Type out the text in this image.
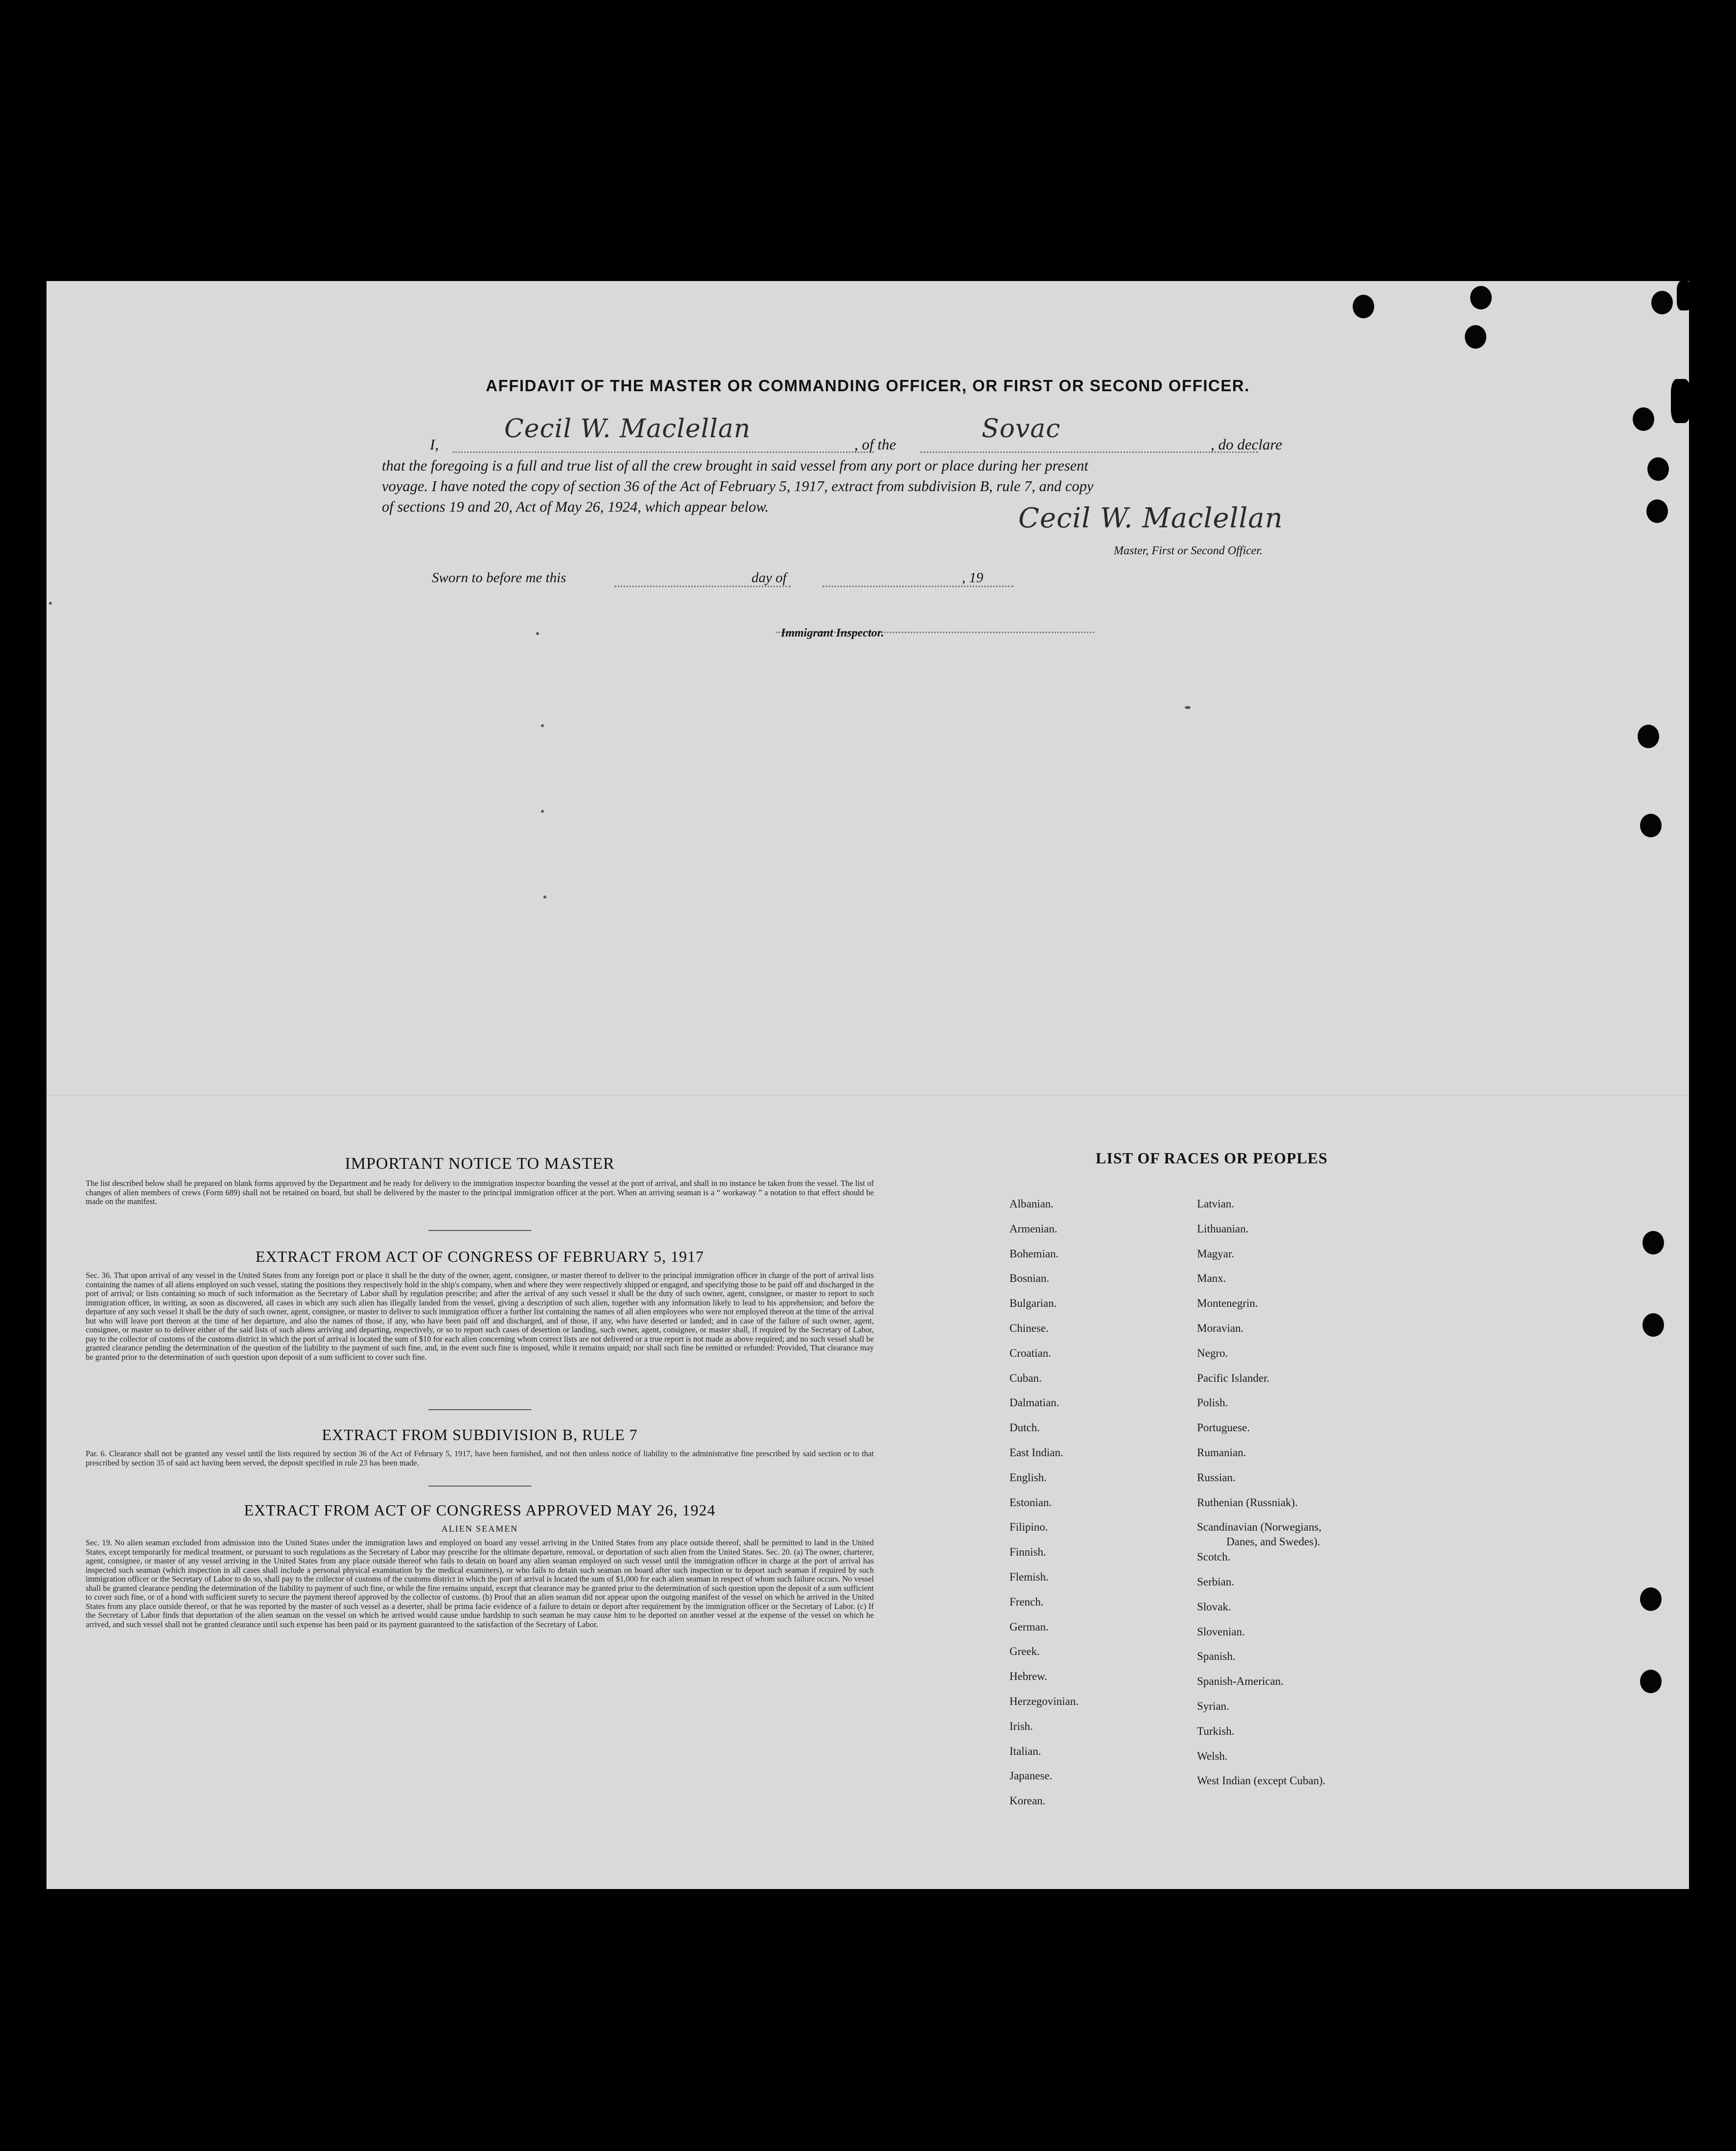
AFFIDAVIT OF THE MASTER OR COMMANDING OFFICER, OR FIRST OR SECOND OFFICER.
I,
Cecil W. Maclellan
, of the
Sovac
, do declare
that the foregoing is a full and true list of all the crew brought in said vessel from any port or place during her present
voyage. I have noted the copy of section 36 of the Act of February 5, 1917, extract from subdivision B, rule 7, and copy
of sections 19 and 20, Act of May 26, 1924, which appear below.	Cecil W. Maclellan
Master, First or Second Officer.
Sworn to before me this	day of	, 19
Immigrant Inspector.
IMPORTANT NOTICE TO MASTER
The list described below shall be prepared on blank forms approved by the Department and be ready for delivery to the immigration inspector boarding the vessel at the port of arrival, and shall in no instance be taken from the vessel. The list of changes of alien members of crews (Form 689) shall not be retained on board, but shall be delivered by the master to the principal immigration officer at the port. When an arriving seaman is a “ workaway ” a notation to that effect should be made on the manifest.
EXTRACT FROM ACT OF CONGRESS OF FEBRUARY 5, 1917
Sec. 36. That upon arrival of any vessel in the United States from any foreign port or place it shall be the duty of the owner, agent, consignee, or master thereof to deliver to the principal immigration officer in charge of the port of arrival lists containing the names of all aliens employed on such vessel, stating the positions they respectively hold in the ship's company, when and where they were respectively shipped or engaged, and specifying those to be paid off and discharged in the port of arrival; or lists containing so much of such information as the Secretary of Labor shall by regulation prescribe; and after the arrival of any such vessel it shall be the duty of such owner, agent, consignee, or master to report to such immigration officer, in writing, as soon as discovered, all cases in which any such alien has illegally landed from the vessel, giving a description of such alien, together with any information likely to lead to his apprehension; and before the departure of any such vessel it shall be the duty of such owner, agent, consignee, or master to deliver to such immigration officer a further list containing the names of all alien employees who were not employed thereon at the time of the arrival but who will leave port thereon at the time of her departure, and also the names of those, if any, who have been paid off and discharged, and of those, if any, who have deserted or landed; and in case of the failure of such owner, agent, consignee, or master so to deliver either of the said lists of such aliens arriving and departing, respectively, or so to report such cases of desertion or landing, such owner, agent, consignee, or master shall, if required by the Secretary of Labor, pay to the collector of customs of the customs district in which the port of arrival is located the sum of $10 for each alien concerning whom correct lists are not delivered or a true report is not made as above required; and no such vessel shall be granted clearance pending the determination of the question of the liability to the payment of such fine, and, in the event such fine is imposed, while it remains unpaid; nor shall such fine be remitted or refunded: Provided, That clearance may be granted prior to the determination of such question upon deposit of a sum sufficient to cover such fine.
EXTRACT FROM SUBDIVISION B, RULE 7
Par. 6. Clearance shall not be granted any vessel until the lists required by section 36 of the Act of February 5, 1917, have been furnished, and not then unless notice of liability to the administrative fine prescribed by said section or to that prescribed by section 35 of said act having been served, the deposit specified in rule 23 has been made.
EXTRACT FROM ACT OF CONGRESS APPROVED MAY 26, 1924
ALIEN SEAMEN
Sec. 19. No alien seaman excluded from admission into the United States under the immigration laws and employed on board any vessel arriving in the United States from any place outside thereof, shall be permitted to land in the United States, except temporarily for medical treatment, or pursuant to such regulations as the Secretary of Labor may prescribe for the ultimate departure, removal, or deportation of such alien from the United States. Sec. 20. (a) The owner, charterer, agent, consignee, or master of any vessel arriving in the United States from any place outside thereof who fails to detain on board any alien seaman employed on such vessel until the immigration officer in charge at the port of arrival has inspected such seaman (which inspection in all cases shall include a personal physical examination by the medical examiners), or who fails to detain such seaman on board after such inspection or to deport such seaman if required by such immigration officer or the Secretary of Labor to do so, shall pay to the collector of customs of the customs district in which the port of arrival is located the sum of $1,000 for each alien seaman in respect of whom such failure occurs. No vessel shall be granted clearance pending the determination of the liability to payment of such fine, or while the fine remains unpaid, except that clearance may be granted prior to the determination of such question upon the deposit of a sum sufficient to cover such fine, or of a bond with sufficient surety to secure the payment thereof approved by the collector of customs. (b) Proof that an alien seaman did not appear upon the outgoing manifest of the vessel on which he arrived in the United States from any place outside thereof, or that he was reported by the master of such vessel as a deserter, shall be prima facie evidence of a failure to detain or deport after requirement by the immigration officer or the Secretary of Labor. (c) If the Secretary of Labor finds that deportation of the alien seaman on the vessel on which he arrived would cause undue hardship to such seaman he may cause him to be deported on another vessel at the expense of the vessel on which he arrived, and such vessel shall not be granted clearance until such expense has been paid or its payment guaranteed to the satisfaction of the Secretary of Labor.
LIST OF RACES OR PEOPLES
Albanian.
Armenian.
Bohemian.
Bosnian.
Bulgarian.
Chinese.
Croatian.
Cuban.
Dalmatian.
Dutch.
East Indian.
English.
Estonian.
Filipino.
Finnish.
Flemish.
French.
German.
Greek.
Hebrew.
Herzegovinian.
Irish.
Italian.
Japanese.
Korean.
Latvian.
Lithuanian.
Magyar.
Manx.
Montenegrin.
Moravian.
Negro.
Pacific Islander.
Polish.
Portuguese.
Rumanian.
Russian.
Ruthenian (Russniak).
Scandinavian (Norwegians,
Danes, and Swedes).
Scotch.
Serbian.
Slovak.
Slovenian.
Spanish.
Spanish-American.
Syrian.
Turkish.
Welsh.
West Indian (except Cuban).
